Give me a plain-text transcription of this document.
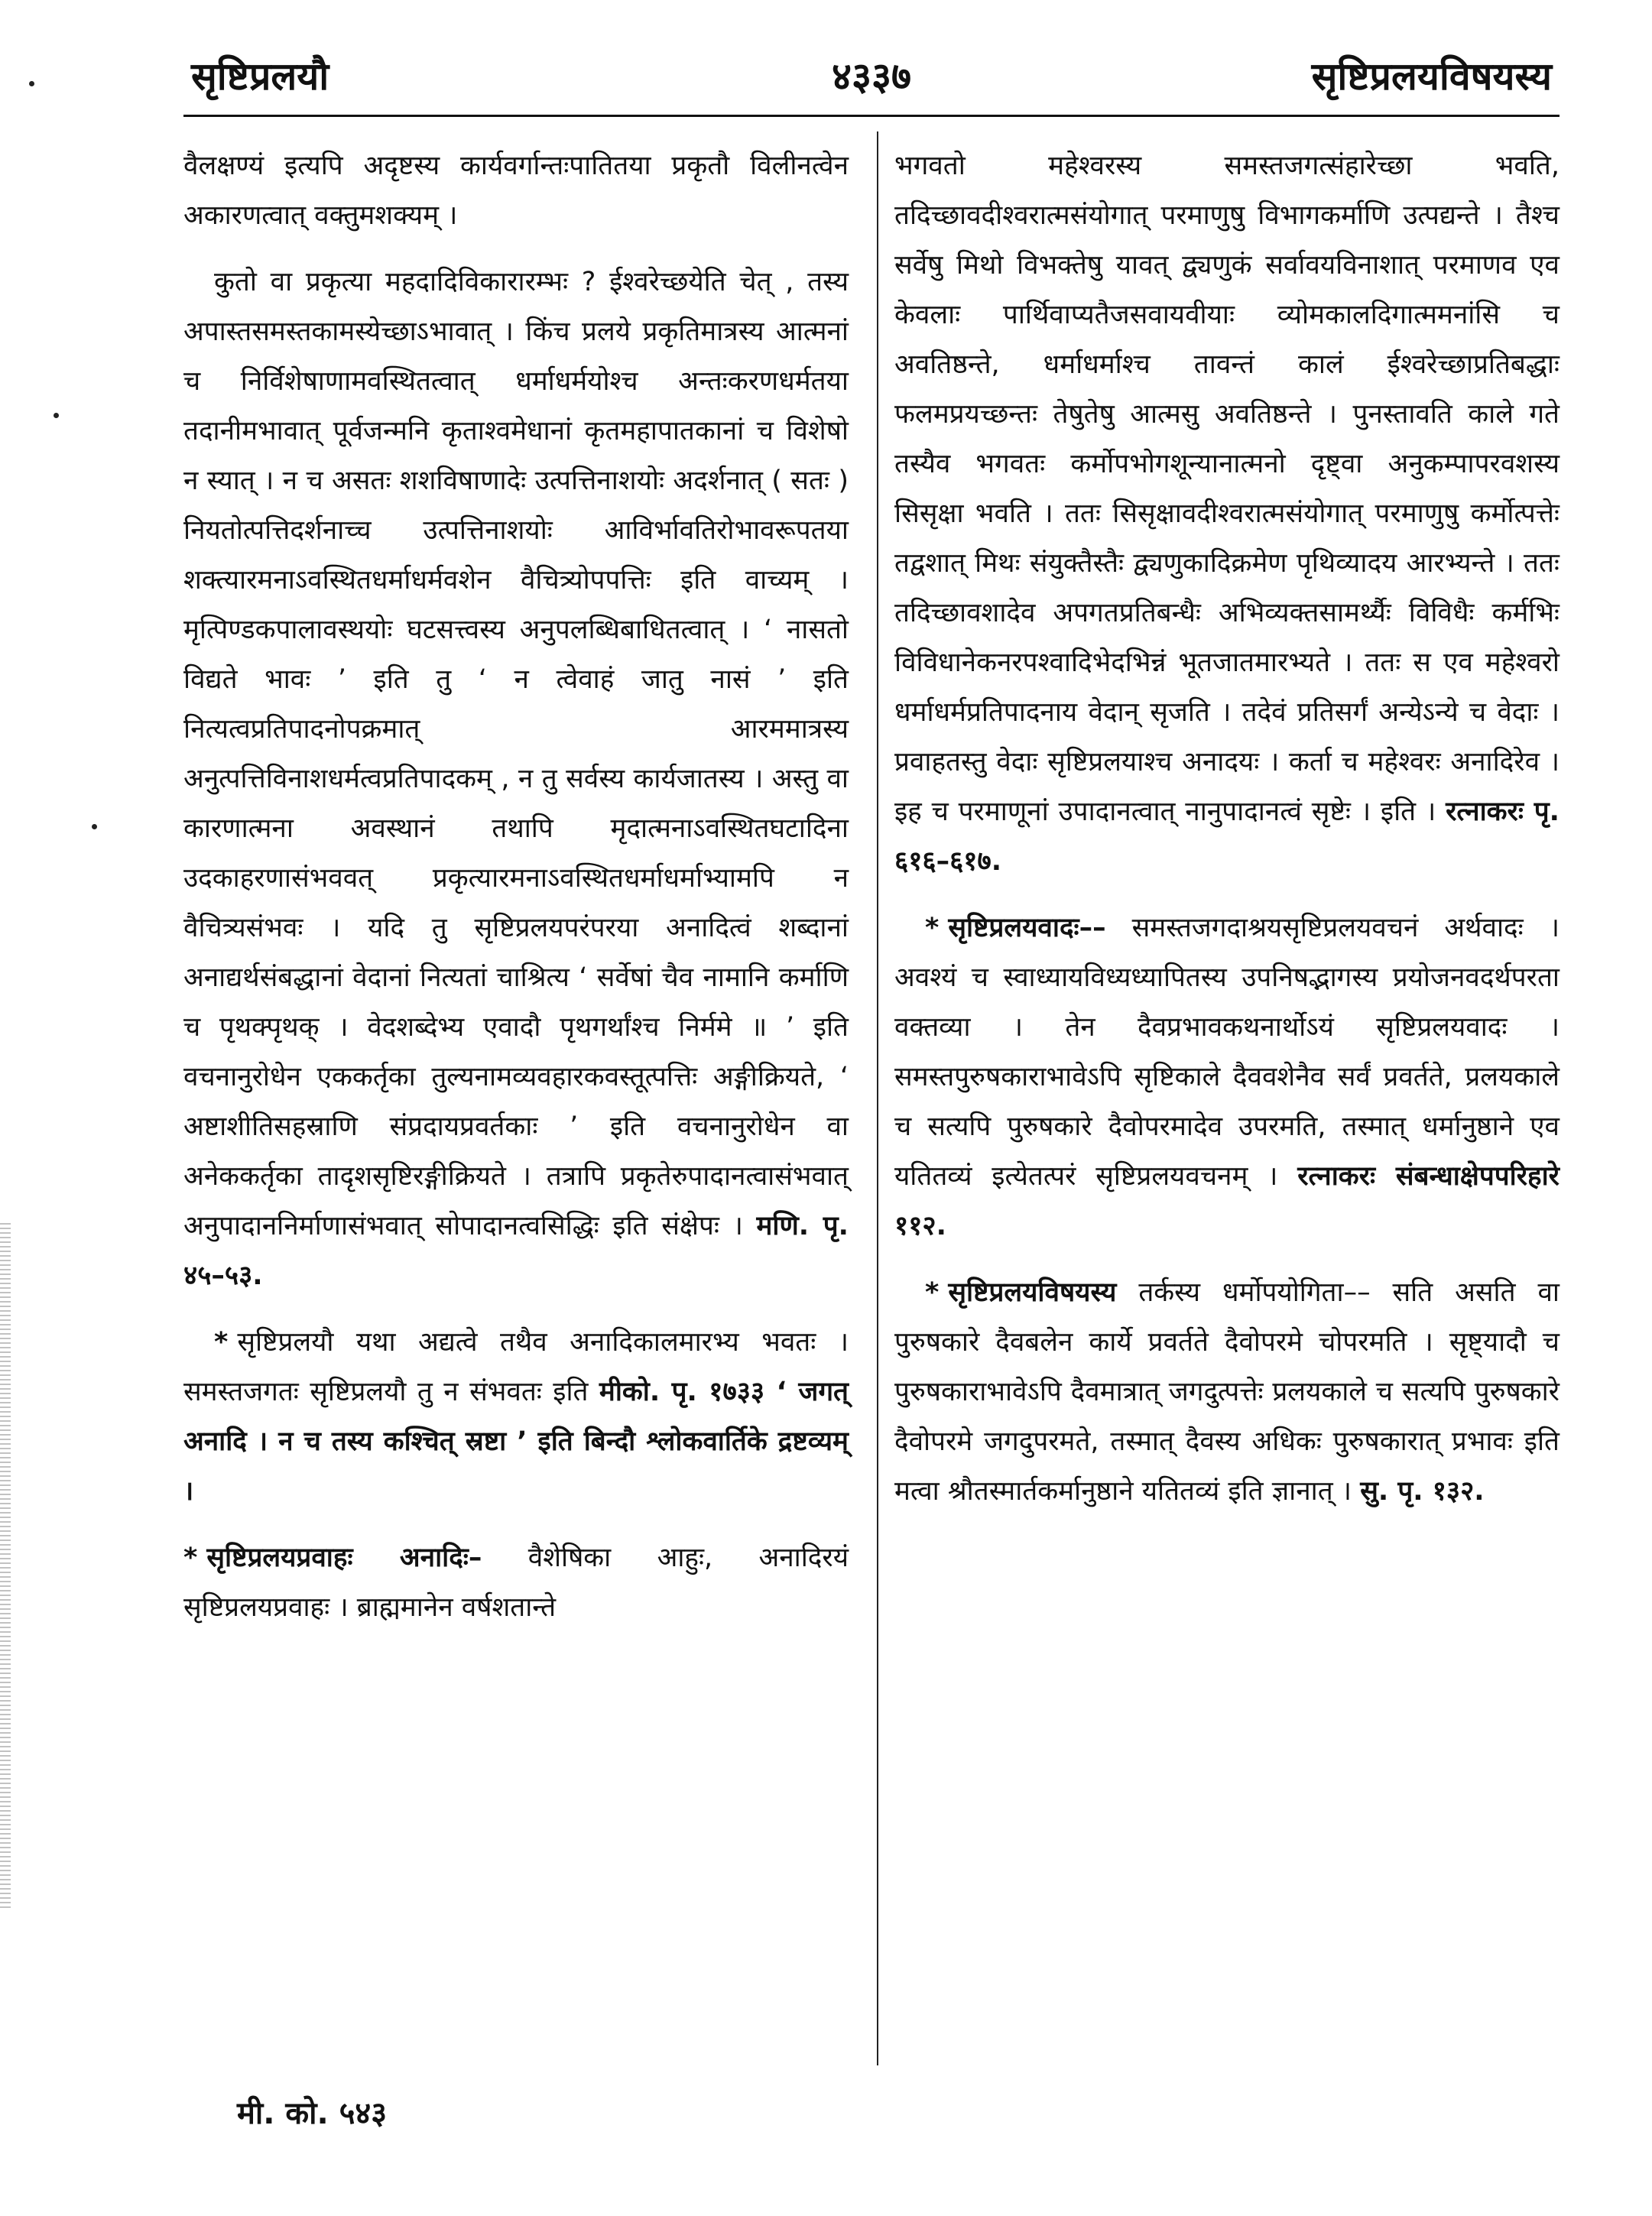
सृष्टिप्रलयौ	४३३७	सृष्टिप्रलयविषयस्य

वैलक्षण्यं इत्यपि अदृष्टस्य कार्यवर्गान्तःपातितया प्रकृतौ विलीनत्वेन अकारणत्वात् वक्तुमशक्यम् ।

कुतो वा प्रकृत्या महदादिविकारारम्भः ? ईश्वरेच्छयेति चेत् , तस्य अपास्तसमस्तकामस्येच्छाऽभावात् । किंच प्रलये प्रकृतिमात्रस्य आत्मनां च निर्विशेषाणामवस्थितत्वात् धर्माधर्मयोश्च अन्तःकरणधर्मतया तदानीमभावात् पूर्वजन्मनि कृताश्वमेधानां कृतमहापातकानां च विशेषो न स्यात् । न च असतः शशविषाणादेः उत्पत्तिनाशयोः अदर्शनात् ( सतः ) नियतोत्पत्तिदर्शनाच्च उत्पत्तिनाशयोः आविर्भावतिरोभावरूपतया शक्त्यारमनाऽवस्थितधर्माधर्मवशेन वैचित्र्योपपत्तिः इति वाच्यम् । मृत्पिण्डकपालावस्थयोः घटसत्त्वस्य अनुपलब्धिबाधितत्वात् । ‘ नासतो विद्यते भावः ’ इति तु ‘ न त्वेवाहं जातु नासं ’ इति नित्यत्वप्रतिपादनोपक्रमात् आरममात्रस्य अनुत्पत्तिविनाशधर्मत्वप्रतिपादकम् , न तु सर्वस्य कार्यजातस्य । अस्तु वा कारणात्मना अवस्थानं तथापि मृदात्मनाऽवस्थितघटादिना उदकाहरणासंभववत् प्रकृत्यारमनाऽवस्थितधर्माधर्माभ्यामपि न वैचित्र्यसंभवः । यदि तु सृष्टिप्रलयपरंपरया अनादित्वं शब्दानां अनाद्यर्थसंबद्धानां वेदानां नित्यतां चाश्रित्य ‘ सर्वेषां चैव नामानि कर्माणि च पृथक्पृथक् । वेदशब्देभ्य एवादौ पृथगर्थांश्च निर्ममे ॥ ’ इति वचनानुरोधेन एककर्तृका तुल्यनामव्यवहारकवस्तूत्पत्तिः अङ्गीक्रियते, ‘ अष्टाशीतिसहस्राणि संप्रदायप्रवर्तकाः ’ इति वचनानुरोधेन वा अनेककर्तृका तादृशसृष्टिरङ्गीक्रियते । तत्रापि प्रकृतेरुपादानत्वासंभवात् अनुपादाननिर्माणासंभवात् सोपादानत्वसिद्धिः इति संक्षेपः । मणि. पृ. ४५–५३.

* सृष्टिप्रलयौ यथा अद्यत्वे तथैव अनादिकालमारभ्य भवतः । समस्तजगतः सृष्टिप्रलयौ तु न संभवतः इति मीको. पृ. १७३३ ‘ जगत् अनादि । न च तस्य कश्चित् स्रष्टा ’ इति बिन्दौ श्लोकवार्तिके द्रष्टव्यम् ।

* सृष्टिप्रलयप्रवाहः अनादिः– वैशेषिका आहुः, अनादिरयं सृष्टिप्रलयप्रवाहः । ब्राह्ममानेन वर्षशतान्ते

भगवतो महेश्वरस्य समस्तजगत्संहारेच्छा भवति, तदिच्छावदीश्वरात्मसंयोगात् परमाणुषु विभागकर्माणि उत्पद्यन्ते । तैश्च सर्वेषु मिथो विभक्तेषु यावत् द्व्यणुकं सर्वावयविनाशात् परमाणव एव केवलाः पार्थिवाप्यतैजसवायवीयाः व्योमकालदिगात्ममनांसि च अवतिष्ठन्ते, धर्माधर्माश्च तावन्तं कालं ईश्वरेच्छाप्रतिबद्धाः फलमप्रयच्छन्तः तेषुतेषु आत्मसु अवतिष्ठन्ते । पुनस्तावति काले गते तस्यैव भगवतः कर्मोपभोगशून्यानात्मनो दृष्ट्वा अनुकम्पापरवशस्य सिसृक्षा भवति । ततः सिसृक्षावदीश्वरात्मसंयोगात् परमाणुषु कर्मोत्पत्तेः तद्वशात् मिथः संयुक्तैस्तैः द्व्यणुकादिक्रमेण पृथिव्यादय आरभ्यन्ते । ततः तदिच्छावशादेव अपगतप्रतिबन्धैः अभिव्यक्तसामर्थ्यैः विविधैः कर्मभिः विविधानेकनरपश्वादिभेदभिन्नं भूतजातमारभ्यते । ततः स एव महेश्वरो धर्माधर्मप्रतिपादनाय वेदान् सृजति । तदेवं प्रतिसर्गं अन्येऽन्ये च वेदाः । प्रवाहतस्तु वेदाः सृष्टिप्रलयाश्च अनादयः । कर्ता च महेश्वरः अनादिरेव । इह च परमाणूनां उपादानत्वात् नानुपादानत्वं सृष्टेः । इति । रत्नाकरः पृ. ६१६–६१७.

* सृष्टिप्रलयवादः–– समस्तजगदाश्रयसृष्टिप्रलयवचनं अर्थवादः । अवश्यं च स्वाध्यायविध्यध्यापितस्य उपनिषद्भागस्य प्रयोजनवदर्थपरता वक्तव्या । तेन दैवप्रभावकथनार्थोऽयं सृष्टिप्रलयवादः । समस्तपुरुषकाराभावेऽपि सृष्टिकाले दैववशेनैव सर्वं प्रवर्तते, प्रलयकाले च सत्यपि पुरुषकारे दैवोपरमादेव उपरमति, तस्मात् धर्मानुष्ठाने एव यतितव्यं इत्येतत्परं सृष्टिप्रलयवचनम् । रत्नाकरः संबन्धाक्षेपपरिहारे ११२.

* सृष्टिप्रलयविषयस्य तर्कस्य धर्मोपयोगिता–– सति असति वा पुरुषकारे दैवबलेन कार्ये प्रवर्तते दैवोपरमे चोपरमति । सृष्ट्यादौ च पुरुषकाराभावेऽपि दैवमात्रात् जगदुत्पत्तेः प्रलयकाले च सत्यपि पुरुषकारे दैवोपरमे जगदुपरमते, तस्मात् दैवस्य अधिकः पुरुषकारात् प्रभावः इति मत्वा श्रौतस्मार्तकर्मानुष्ठाने यतितव्यं इति ज्ञानात् । सु. पृ. १३२.

मी. को. ५४३
